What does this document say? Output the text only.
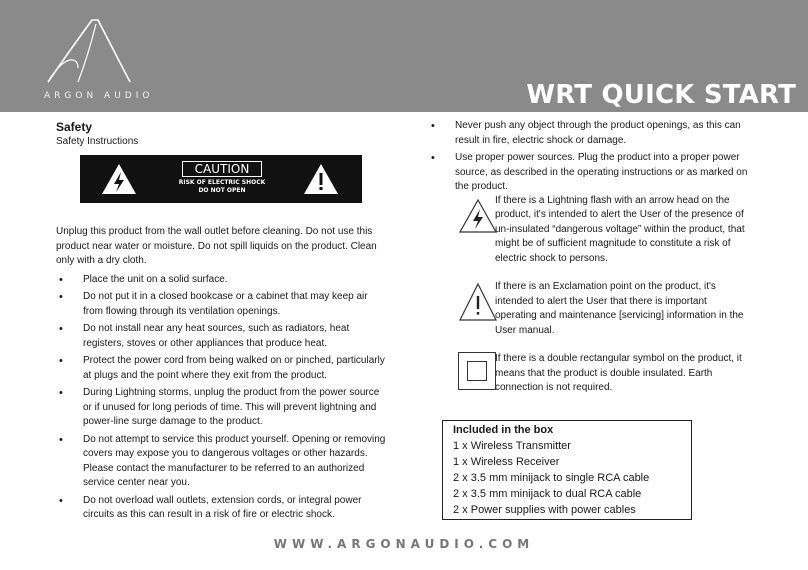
ARGON AUDIO	WRT QUICK START
Safety
Safety Instructions
CAUTION
RISK OF ELECTRIC SHOCK
DO NOT OPEN
Unplug this product from the wall outlet before cleaning. Do not use this product near water or moisture. Do not spill liquids on the product. Clean only with a dry cloth.
• Place the unit on a solid surface.
• Do not put it in a closed bookcase or a cabinet that may keep air from flowing through its ventilation openings.
• Do not install near any heat sources, such as radiators, heat registers, stoves or other appliances that produce heat.
• Protect the power cord from being walked on or pinched, particularly at plugs and the point where they exit from the product.
• During Lightning storms, unplug the product from the power source or if unused for long periods of time. This will prevent lightning and power-line surge damage to the product.
• Do not attempt to service this product yourself. Opening or removing covers may expose you to dangerous voltages or other hazards. Please contact the manufacturer to be referred to an authorized service center near you.
• Do not overload wall outlets, extension cords, or integral power circuits as this can result in a risk of fire or electric shock.
• Never push any object through the product openings, as this can result in fire, electric shock or damage.
• Use proper power sources. Plug the product into a proper power source, as described in the operating instructions or as marked on the product.
If there is a Lightning flash with an arrow head on the product, it's intended to alert the User of the presence of un-insulated “dangerous voltage” within the product, that might be of sufficient magnitude to constitute a risk of electric shock to persons.
If there is an Exclamation point on the product, it's intended to alert the User that there is important operating and maintenance [servicing] information in the User manual.
If there is a double rectangular symbol on the product, it means that the product is double insulated. Earth connection is not required.
Included in the box
1 x Wireless Transmitter
1 x Wireless Receiver
2 x 3.5 mm minijack to single RCA cable
2 x 3.5 mm minijack to dual RCA cable
2 x Power supplies with power cables
WWW.ARGONAUDIO.COM
